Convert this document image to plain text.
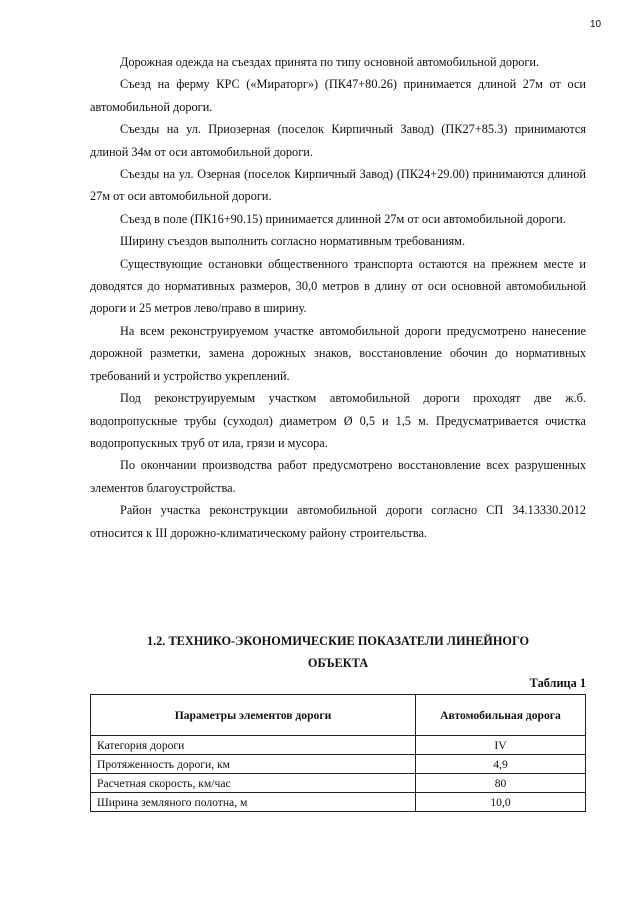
10

Дорожная одежда на съездах принята по типу основной автомобильной дороги.

Съезд на ферму КРС («Мираторг») (ПК47+80.26) принимается длиной 27м от оси автомобильной дороги.

Съезды на ул. Приозерная (поселок Кирпичный Завод) (ПК27+85.3) принимаются длиной 34м от оси автомобильной дороги.

Съезды на ул. Озерная (поселок Кирпичный Завод) (ПК24+29.00) принимаются длиной 27м от оси автомобильной дороги.

Съезд в поле (ПК16+90.15) принимается длинной 27м от оси автомобильной дороги.

Ширину съездов выполнить согласно нормативным требованиям.

Существующие остановки общественного транспорта остаются на прежнем месте и доводятся до нормативных размеров, 30,0 метров в длину от оси основной автомобильной дороги и 25 метров лево/право в ширину.

На всем реконструируемом участке автомобильной дороги предусмотрено нанесение дорожной разметки, замена дорожных знаков, восстановление обочин до нормативных требований и устройство укреплений.

Под реконструируемым участком автомобильной дороги проходят две ж.б. водопропускные трубы (суходол) диаметром Ø 0,5 и 1,5 м. Предусматривается очистка водопропускных труб от ила, грязи и мусора.

По окончании производства работ предусмотрено восстановление всех разрушенных элементов благоустройства.

Район участка реконструкции автомобильной дороги согласно СП 34.13330.2012 относится к III дорожно-климатическому району строительства.

1.2. ТЕХНИКО-ЭКОНОМИЧЕСКИЕ ПОКАЗАТЕЛИ ЛИНЕЙНОГО
ОБЪЕКТА
Таблица 1
Параметры элементов дороги	Автомобильная дорога
Категория дороги	IV
Протяженность дороги, км	4,9
Расчетная скорость, км/час	80
Ширина земляного полотна, м	10,0
